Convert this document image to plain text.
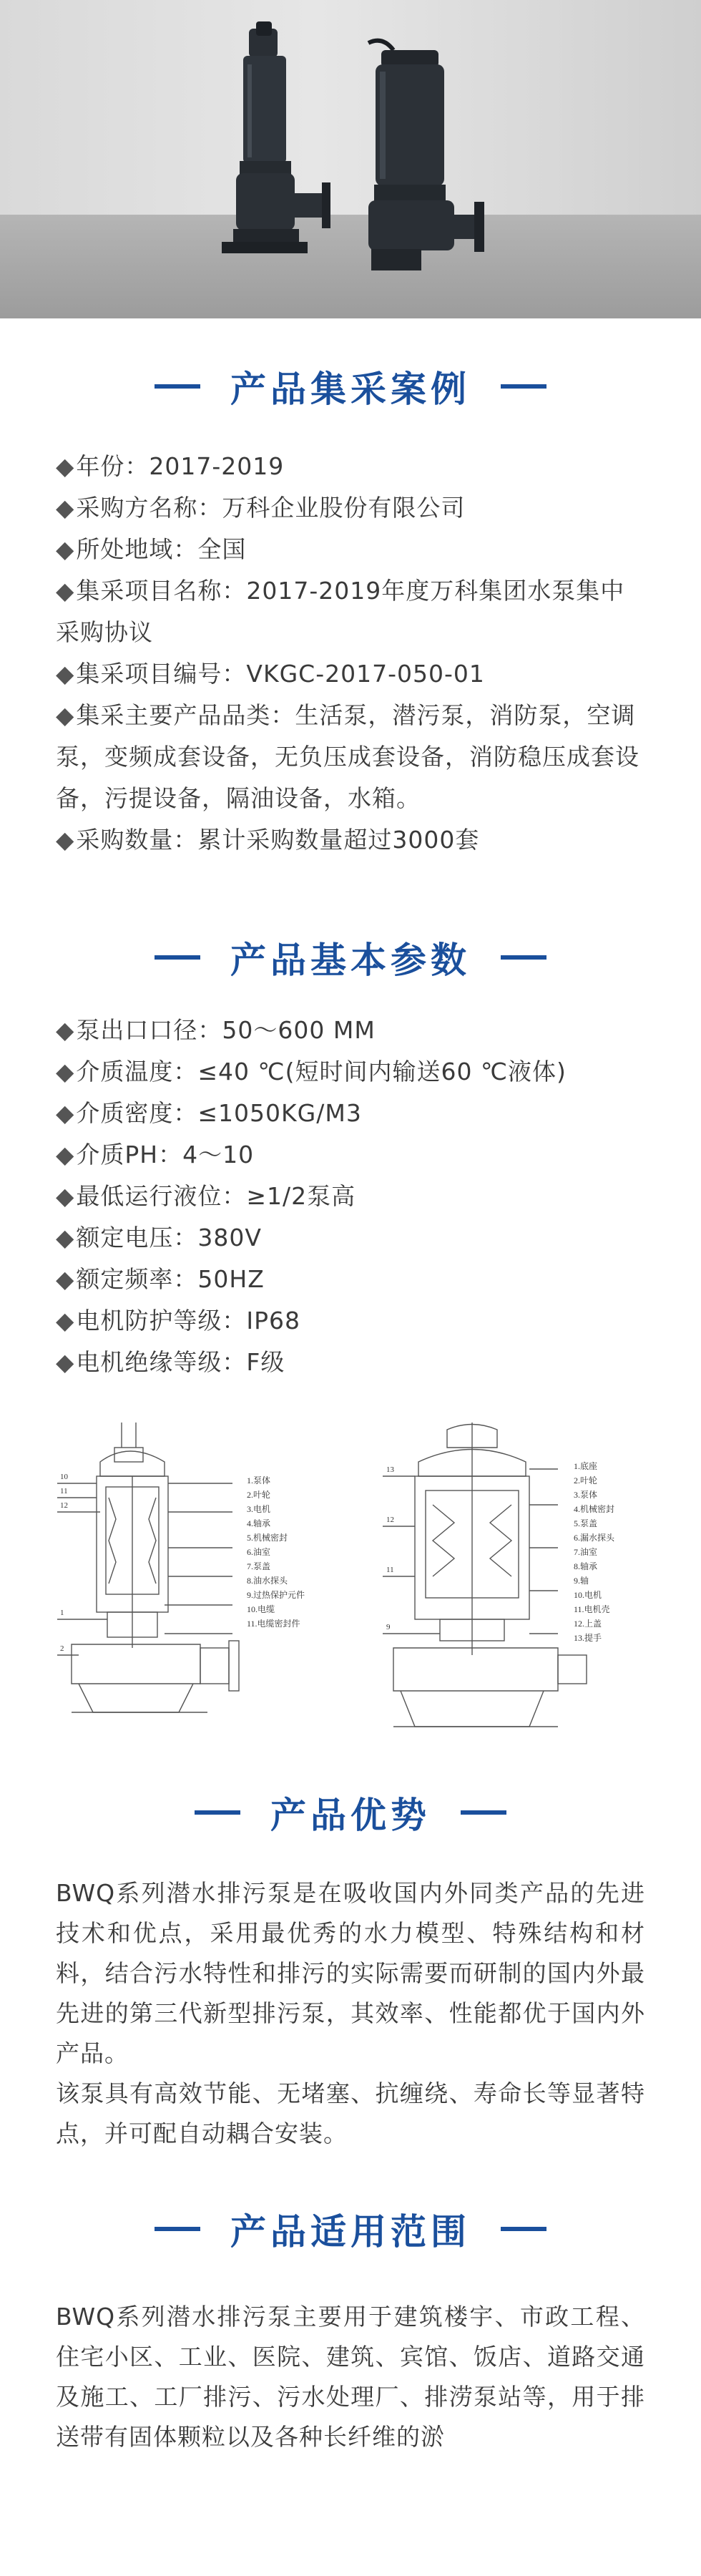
产品集采案例
◆年份：2017-2019
◆采购方名称：万科企业股份有限公司
◆所处地域：全国
◆集采项目名称：2017-2019年度万科集团水泵集中采购协议
◆集采项目编号：VKGC-2017-050-01
◆集采主要产品品类：生活泵，潜污泵，消防泵，空调泵，变频成套设备，无负压成套设备，消防稳压成套设备，污提设备，隔油设备，水箱。
◆采购数量：累计采购数量超过3000套
产品基本参数
◆泵出口口径：50～600 MM
◆介质温度：≤40 ℃(短时间内输送60 ℃液体)
◆介质密度：≤1050KG/M3
◆介质PH：4～10
◆最低运行液位：≥1/2泵高
◆额定电压：380V
◆额定频率：50HZ
◆电机防护等级：IP68
◆电机绝缘等级：F级
10
11
12
1
2
13
12
11
9
1.泵体
2.叶轮
3.电机
4.轴承
5.机械密封
6.油室
7.泵盖
8.油水探头
9.过热保护元件
10.电缆
11.电缆密封件
1.底座
2.叶轮
3.泵体
4.机械密封
5.泵盖
6.漏水探头
7.油室
8.轴承
9.轴
10.电机
11.电机壳
12.上盖
13.提手
产品优势

BWQ系列潜水排污泵是在吸收国内外同类产品的先进技术和优点，采用最优秀的水力模型、特殊结构和材料，结合污水特性和排污的实际需要而研制的国内外最先进的第三代新型排污泵，其效率、性能都优于国内外产品。

该泵具有高效节能、无堵塞、抗缠绕、寿命长等显著特点，并可配自动耦合安装。

产品适用范围

BWQ系列潜水排污泵主要用于建筑楼宇、市政工程、住宅小区、工业、医院、建筑、宾馆、饭店、道路交通及施工、工厂排污、污水处理厂、排涝泵站等，用于排送带有固体颗粒以及各种长纤维的淤
